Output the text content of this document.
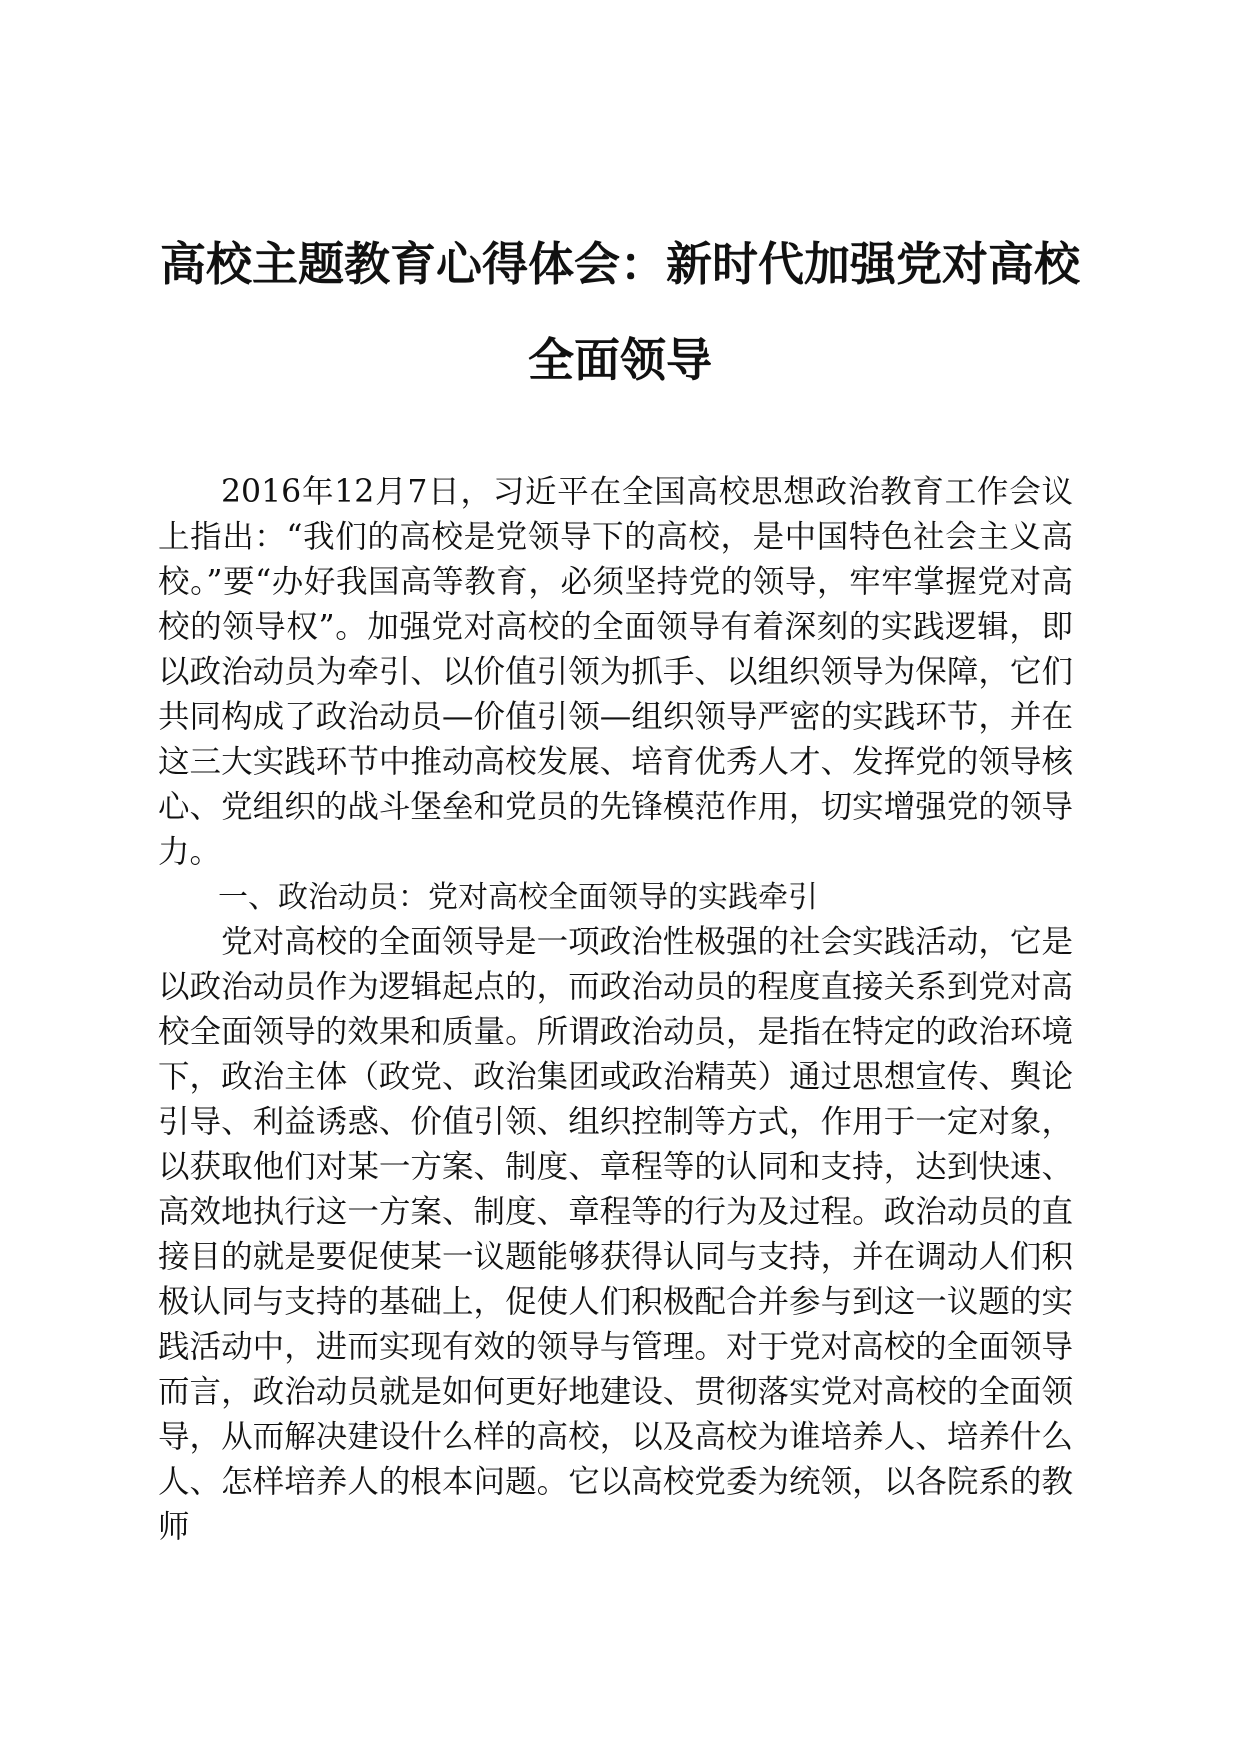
高校主题教育心得体会：新时代加强党对高校全面领导

2016年12月7日，习近平在全国高校思想政治教育工作会议上指出：“我们的高校是党领导下的高校，是中国特色社会主义高校。”要“办好我国高等教育，必须坚持党的领导，牢牢掌握党对高校的领导权”。加强党对高校的全面领导有着深刻的实践逻辑，即以政治动员为牵引、以价值引领为抓手、以组织领导为保障，它们共同构成了政治动员—价值引领—组织领导严密的实践环节，并在这三大实践环节中推动高校发展、培育优秀人才、发挥党的领导核心、党组织的战斗堡垒和党员的先锋模范作用，切实增强党的领导力。

一、政治动员：党对高校全面领导的实践牵引

党对高校的全面领导是一项政治性极强的社会实践活动，它是以政治动员作为逻辑起点的，而政治动员的程度直接关系到党对高校全面领导的效果和质量。所谓政治动员，是指在特定的政治环境下，政治主体（政党、政治集团或政治精英）通过思想宣传、舆论引导、利益诱惑、价值引领、组织控制等方式，作用于一定对象，以获取他们对某一方案、制度、章程等的认同和支持，达到快速、高效地执行这一方案、制度、章程等的行为及过程。政治动员的直接目的就是要促使某一议题能够获得认同与支持，并在调动人们积极认同与支持的基础上，促使人们积极配合并参与到这一议题的实践活动中，进而实现有效的领导与管理。对于党对高校的全面领导而言，政治动员就是如何更好地建设、贯彻落实党对高校的全面领导，从而解决建设什么样的高校，以及高校为谁培养人、培养什么人、怎样培养人的根本问题。它以高校党委为统领，以各院系的教师
